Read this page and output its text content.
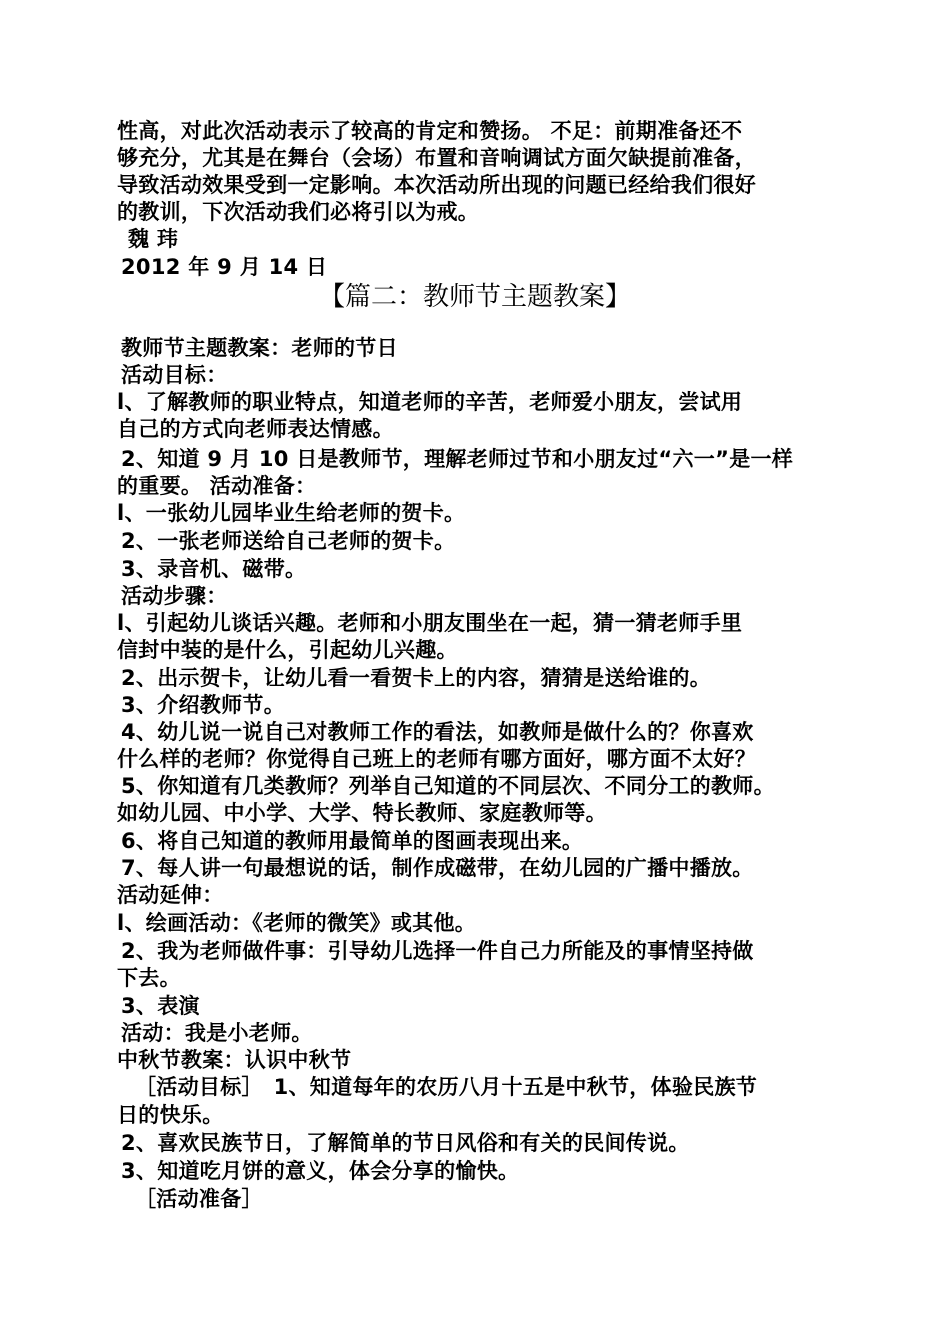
性高，对此次活动表示了较高的肯定和赞扬。 不足：前期准备还不
够充分，尤其是在舞台（会场）布置和音响调试方面欠缺提前准备，
导致活动效果受到一定影响。本次活动所出现的问题已经给我们很好
的教训，下次活动我们必将引以为戒。
魏 玮
2012 年 9 月 14 日
【篇二：教师节主题教案】
教师节主题教案：老师的节日
活动目标：
l、了解教师的职业特点，知道老师的辛苦，老师爱小朋友，尝试用
自己的方式向老师表达情感。
2、知道 9 月 10 日是教师节，理解老师过节和小朋友过“六一”是一样
的重要。 活动准备：
l、一张幼儿园毕业生给老师的贺卡。
2、一张老师送给自己老师的贺卡。
3、录音机、磁带。
活动步骤：
l、引起幼儿谈话兴趣。老师和小朋友围坐在一起，猜一猜老师手里
信封中装的是什么，引起幼儿兴趣。
2、出示贺卡，让幼儿看一看贺卡上的内容，猜猜是送给谁的。
3、介绍教师节。
4、幼儿说一说自己对教师工作的看法，如教师是做什么的？你喜欢
什么样的老师？你觉得自己班上的老师有哪方面好，哪方面不太好？
5、你知道有几类教师？列举自己知道的不同层次、不同分工的教师。
如幼儿园、中小学、大学、特长教师、家庭教师等。
6、将自己知道的教师用最简单的图画表现出来。
7、每人讲一句最想说的话，制作成磁带，在幼儿园的广播中播放。
活动延伸：
l、绘画活动：《老师的微笑》或其他。
2、我为老师做件事：引导幼儿选择一件自己力所能及的事情坚持做
下去。
3、表演
活动：我是小老师。
中秋节教案：认识中秋节
［活动目标］　1、知道每年的农历八月十五是中秋节，体验民族节
日的快乐。
2、喜欢民族节日，了解简单的节日风俗和有关的民间传说。
3、知道吃月饼的意义，体会分享的愉快。
［活动准备］
